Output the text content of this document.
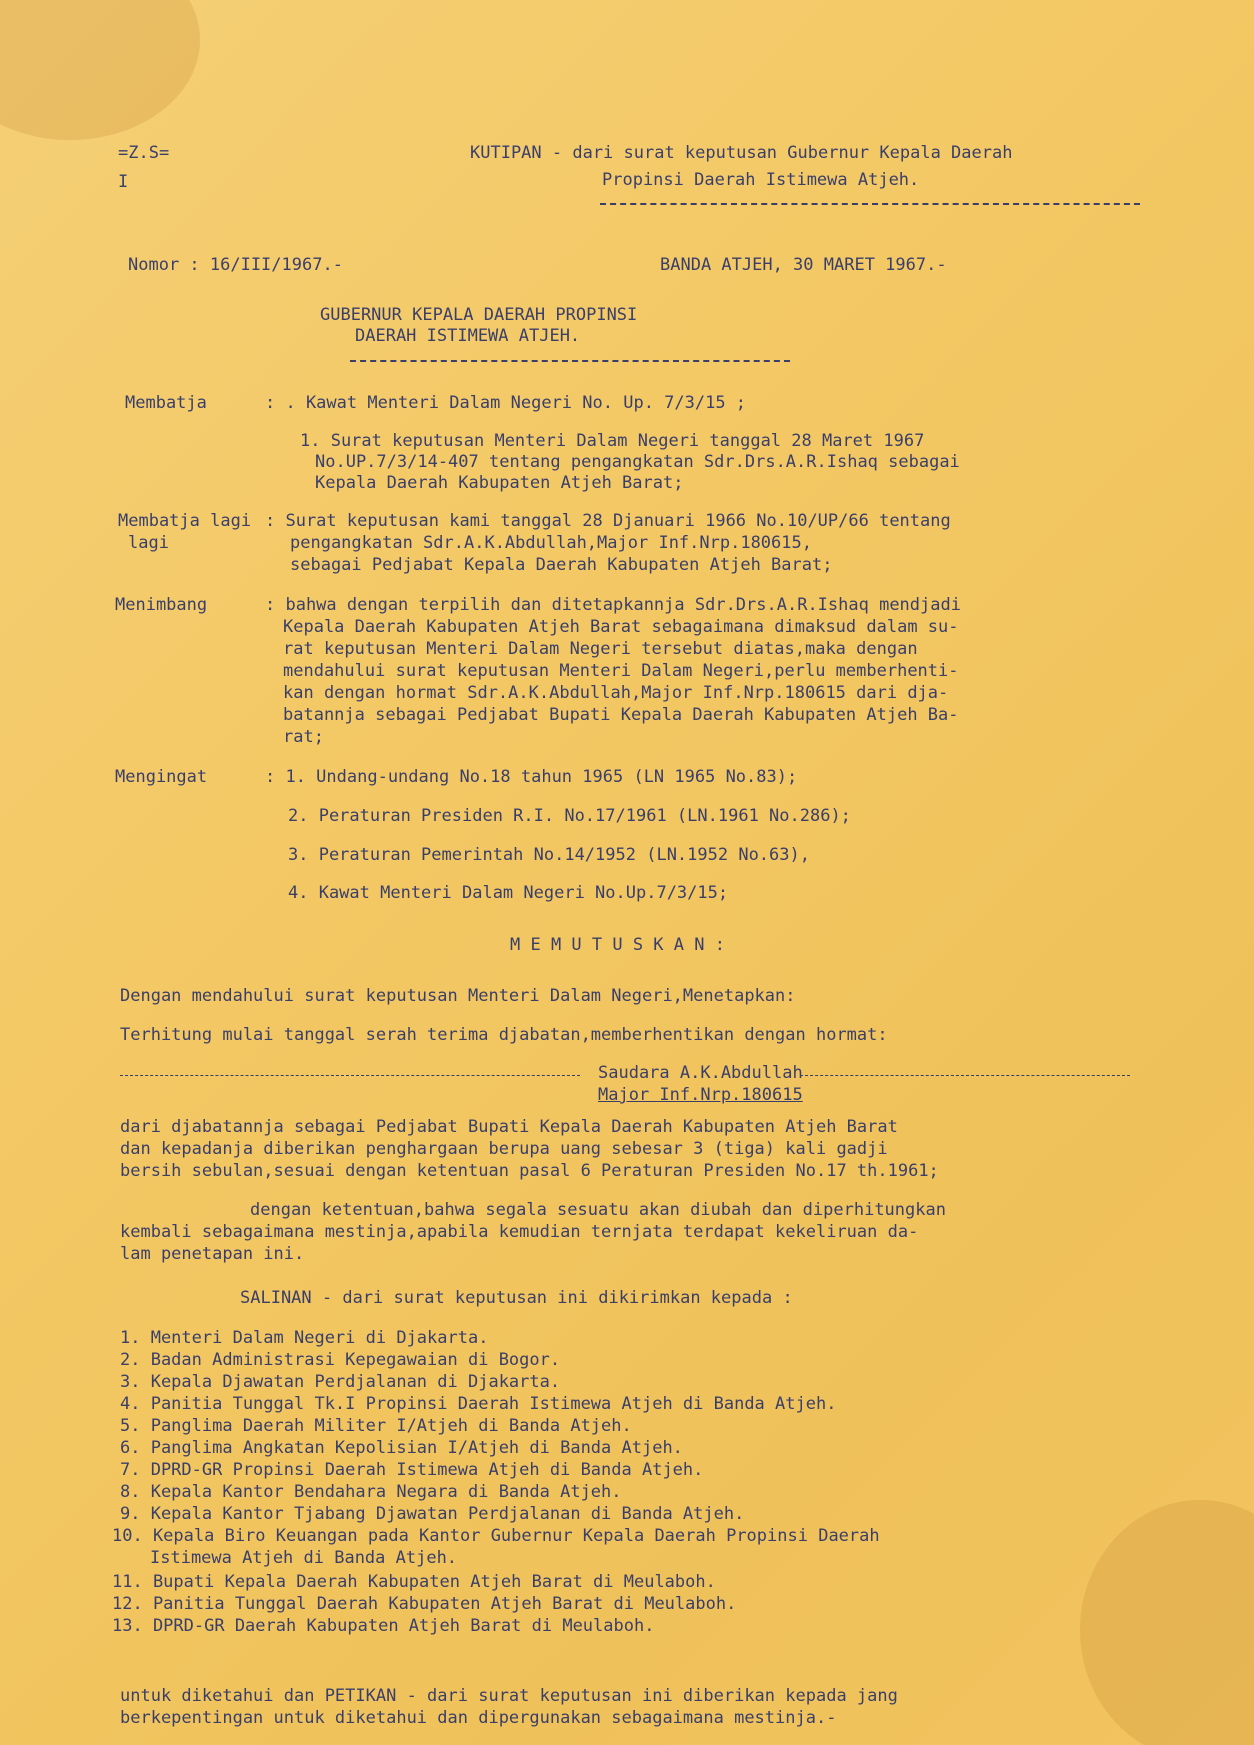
=Z.S=
I
KUTIPAN - dari surat keputusan Gubernur Kepala Daerah
Propinsi Daerah Istimewa Atjeh.
Nomor : 16/III/1967.-	BANDA ATJEH, 30 MARET 1967.-
GUBERNUR KEPALA DAERAH PROPINSI
DAERAH ISTIMEWA ATJEH.
Membatja	: . Kawat Menteri Dalam Negeri No. Up. 7/3/15 ;
1. Surat keputusan Menteri Dalam Negeri tanggal 28 Maret 1967
No.UP.7/3/14-407 tentang pengangkatan Sdr.Drs.A.R.Ishaq sebagai
Kepala Daerah Kabupaten Atjeh Barat;
Membatja lagi
lagi
: Surat keputusan kami tanggal 28 Djanuari 1966 No.10/UP/66 tentang
pengangkatan Sdr.A.K.Abdullah,Major Inf.Nrp.180615,
sebagai Pedjabat Kepala Daerah Kabupaten Atjeh Barat;
Menimbang	: bahwa dengan terpilih dan ditetapkannja Sdr.Drs.A.R.Ishaq mendjadi
Kepala Daerah Kabupaten Atjeh Barat sebagaimana dimaksud dalam su-
rat keputusan Menteri Dalam Negeri tersebut diatas,maka dengan
mendahului surat keputusan Menteri Dalam Negeri,perlu memberhenti-
kan dengan hormat Sdr.A.K.Abdullah,Major Inf.Nrp.180615 dari dja-
batannja sebagai Pedjabat Bupati Kepala Daerah Kabupaten Atjeh Ba-
rat;
Mengingat	: 1. Undang-undang No.18 tahun 1965 (LN 1965 No.83);
2. Peraturan Presiden R.I. No.17/1961 (LN.1961 No.286);
3. Peraturan Pemerintah No.14/1952 (LN.1952 No.63),
4. Kawat Menteri Dalam Negeri No.Up.7/3/15;
M E M U T U S K A N :
Dengan mendahului surat keputusan Menteri Dalam Negeri,Menetapkan:
Terhitung mulai tanggal serah terima djabatan,memberhentikan dengan hormat:
Saudara A.K.Abdullah
Major Inf.Nrp.180615
dari djabatannja sebagai Pedjabat Bupati Kepala Daerah Kabupaten Atjeh Barat
dan kepadanja diberikan penghargaan berupa uang sebesar 3 (tiga) kali gadji
bersih sebulan,sesuai dengan ketentuan pasal 6 Peraturan Presiden No.17 th.1961;
dengan ketentuan,bahwa segala sesuatu akan diubah dan diperhitungkan
kembali sebagaimana mestinja,apabila kemudian ternjata terdapat kekeliruan da-
lam penetapan ini.
SALINAN - dari surat keputusan ini dikirimkan kepada :
1. Menteri Dalam Negeri di Djakarta.
2. Badan Administrasi Kepegawaian di Bogor.
3. Kepala Djawatan Perdjalanan di Djakarta.
4. Panitia Tunggal Tk.I Propinsi Daerah Istimewa Atjeh di Banda Atjeh.
5. Panglima Daerah Militer I/Atjeh di Banda Atjeh.
6. Panglima Angkatan Kepolisian I/Atjeh di Banda Atjeh.
7. DPRD-GR Propinsi Daerah Istimewa Atjeh di Banda Atjeh.
8. Kepala Kantor Bendahara Negara di Banda Atjeh.
9. Kepala Kantor Tjabang Djawatan Perdjalanan di Banda Atjeh.
10. Kepala Biro Keuangan pada Kantor Gubernur Kepala Daerah Propinsi Daerah
Istimewa Atjeh di Banda Atjeh.
11. Bupati Kepala Daerah Kabupaten Atjeh Barat di Meulaboh.
12. Panitia Tunggal Daerah Kabupaten Atjeh Barat di Meulaboh.
13. DPRD-GR Daerah Kabupaten Atjeh Barat di Meulaboh.
untuk diketahui dan PETIKAN - dari surat keputusan ini diberikan kepada jang
berkepentingan untuk diketahui dan dipergunakan sebagaimana mestinja.-
